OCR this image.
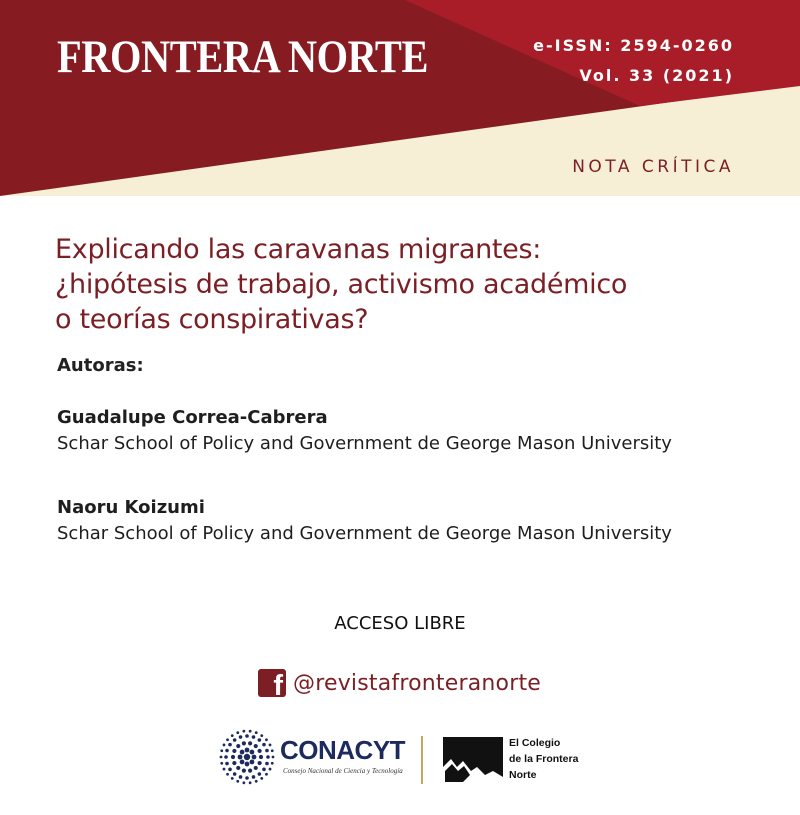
FRONTERA NORTE	e-ISSN: 2594-0260
Vol. 33 (2021)
NOTA CRÍTICA
Explicando las caravanas migrantes:
¿hipótesis de trabajo, activismo académico
o teorías conspirativas?
Autoras:
Guadalupe Correa-Cabrera
Schar School of Policy and Government de George Mason University
Naoru Koizumi
Schar School of Policy and Government de George Mason University
ACCESO LIBRE
f @revistafronteranorte
CONACYT
Consejo Nacional de Ciencia y Tecnología
El Colegio
de la Frontera
Norte
